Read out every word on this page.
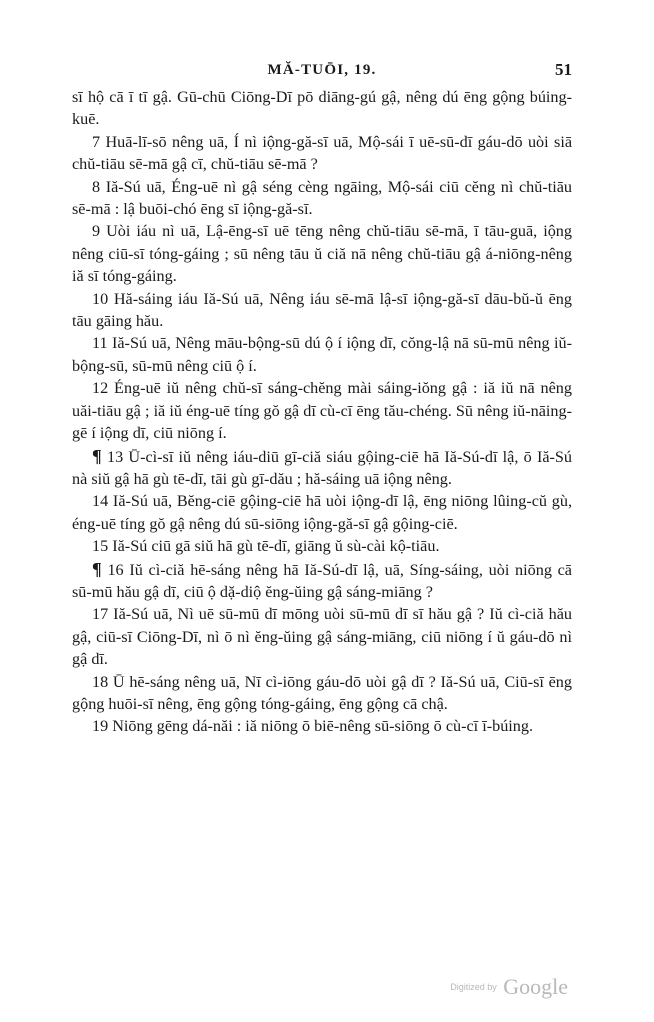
MĂ-TUŌI, 19.	51

sī hộ cā ī tī gậ. Gū-chū Ciōng-Dī pō diāng-gú gậ, nêng dú ēng gộng búing-kuē.

7 Huā-lī-sō nêng uā, Í nì iộng-gă-sī uā, Mộ-sái ī uē-sū-dī gáu-dō uòi siā chŭ-tiāu sē-mā gậ cī, chŭ-tiāu sē-mā ?

8 Iă-Sú uā, Éng-uē nì gậ séng cèng ngāing, Mộ-sái ciū cĕng nì chŭ-tiāu sē-mā : lậ buōi-chó ēng sī iộng-gă-sī.

9 Uòi iáu nì uā, Lậ-ēng-sī uē tēng nêng chŭ-tiāu sē-mā, ī tāu-guā, iộng nêng ciū-sī tóng-gáing ; sū nêng tāu ŭ ciă nā nêng chŭ-tiāu gậ á-niōng-nêng iă sī tóng-gáing.

10 Hă-sáing iáu Iă-Sú uā, Nêng iáu sē-mā lậ-sī iộng-gă-sī dāu-bŭ-ŭ ēng tāu gāing hău.

11 Iă-Sú uā, Nêng māu-bộng-sū dú ộ í iộng dī, cŏng-lậ nā sū-mū nêng iŭ-bộng-sū, sū-mū nêng ciū ộ í.

12 Éng-uē iŭ nêng chŭ-sī sáng-chĕng mài sáing-iŏng gậ : iă iŭ nā nêng uăi-tiāu gậ ; iă iŭ éng-uē tíng gŏ gậ dī cù-cī ēng tău-chéng. Sū nêng iŭ-nāing-gē í iộng dī, ciū niōng í.

¶ 13 Ū-cì-sī iŭ nêng iáu-diū gī-ciă siáu gộing-ciē hā Iă-Sú-dī lậ, ō Iă-Sú nà siŭ gậ hā gù tē-dī, tāi gù gī-dău ; hă-sáing uā iộng nêng.

14 Iă-Sú uā, Bĕng-ciē gộing-ciē hā uòi iộng-dī lậ, ēng niōng lûing-cŭ gù, éng-uē tíng gŏ gậ nêng dú sū-siōng iộng-gă-sī gậ gộing-ciē.

15 Iă-Sú ciū gā siŭ hā gù tē-dī, giāng ŭ sù-cài kộ-tiāu.

¶ 16 Iŭ cì-ciă hē-sáng nêng hā Iă-Sú-dī lậ, uā, Síng-sáing, uòi niōng cā sū-mū hău gậ dī, ciū ộ dặ-diộ ĕng-ŭing gậ sáng-miāng ?

17 Iă-Sú uā, Nì uē sū-mū dī mōng uòi sū-mū dī sī hău gậ ? Iŭ cì-ciă hău gậ, ciū-sī Ciōng-Dī, nì ō nì ĕng-ŭing gậ sáng-miāng, ciū niōng í ŭ gáu-dō nì gậ dī.

18 Ū hē-sáng nêng uā, Nī cì-iōng gáu-dō uòi gậ dī ? Iă-Sú uā, Ciū-sī ēng gộng huōi-sī nêng, ēng gộng tóng-gáing, ēng gộng cā chậ.

19 Niōng gēng dá-năi : iă niōng ō biē-nêng sū-siōng ō cù-cī ī-búing.

Digitized by Google
